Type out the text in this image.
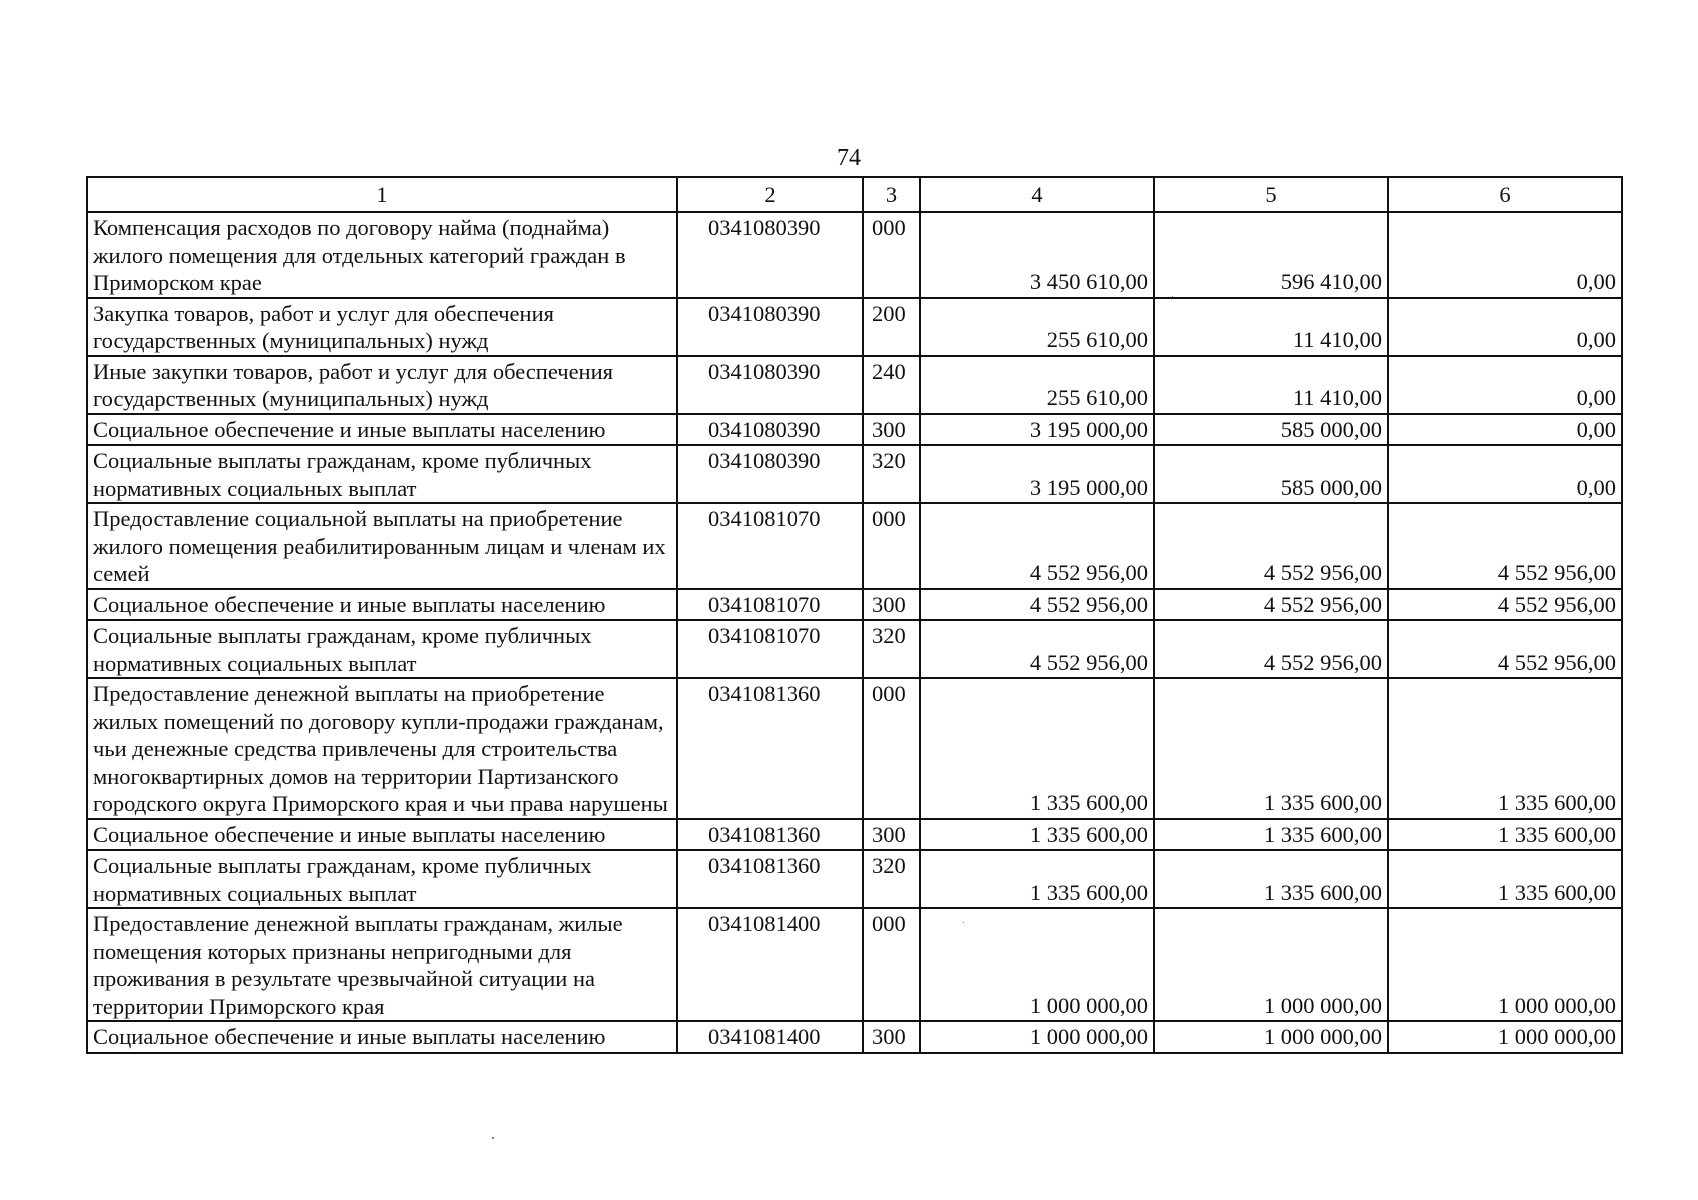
74
1	2	3	4	5	6
Компенсация расходов по договору найма (поднайма) жилого помещения для отдельных категорий граждан в Приморском крае	0341080390	000	3 450 610,00	596 410,00	0,00
Закупка товаров, работ и услуг для обеспечения государственных (муниципальных) нужд	0341080390	200	255 610,00	11 410,00	0,00
Иные закупки товаров, работ и услуг для обеспечения государственных (муниципальных) нужд	0341080390	240	255 610,00	11 410,00	0,00
Социальное обеспечение и иные выплаты населению	0341080390	300	3 195 000,00	585 000,00	0,00
Социальные выплаты гражданам, кроме публичных нормативных социальных выплат	0341080390	320	3 195 000,00	585 000,00	0,00
Предоставление социальной выплаты на приобретение жилого помещения реабилитированным лицам и членам их семей	0341081070	000	4 552 956,00	4 552 956,00	4 552 956,00
Социальное обеспечение и иные выплаты населению	0341081070	300	4 552 956,00	4 552 956,00	4 552 956,00
Социальные выплаты гражданам, кроме публичных нормативных социальных выплат	0341081070	320	4 552 956,00	4 552 956,00	4 552 956,00
Предоставление денежной выплаты на приобретение жилых помещений по договору купли-продажи гражданам, чьи денежные средства привлечены для строительства многоквартирных домов на территории Партизанского городского округа Приморского края и чьи права нарушены	0341081360	000	1 335 600,00	1 335 600,00	1 335 600,00
Социальное обеспечение и иные выплаты населению	0341081360	300	1 335 600,00	1 335 600,00	1 335 600,00
Социальные выплаты гражданам, кроме публичных нормативных социальных выплат	0341081360	320	1 335 600,00	1 335 600,00	1 335 600,00
Предоставление денежной выплаты гражданам, жилые помещения которых признаны непригодными для проживания в результате чрезвычайной ситуации на территории Приморского края	0341081400	000	1 000 000,00	1 000 000,00	1 000 000,00
Социальное обеспечение и иные выплаты населению	0341081400	300	1 000 000,00	1 000 000,00	1 000 000,00
